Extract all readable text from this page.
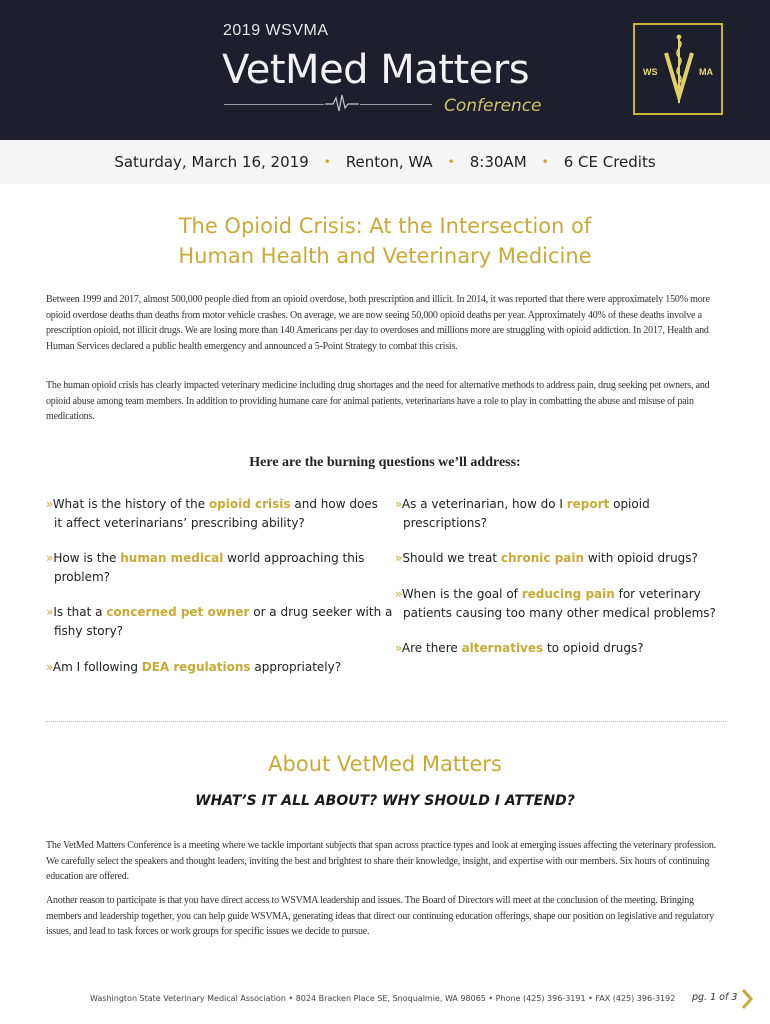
2019 WSVMA
VetMed Matters
Conference
WS	MA
Saturday, March 16, 2019 • Renton, WA • 8:30AM • 6 CE Credits
The Opioid Crisis: At the Intersection of
Human Health and Veterinary Medicine
Between 1999 and 2017, almost 500,000 people died from an opioid overdose, both prescription and illicit. In 2014, it was reported that there were approximately 150% more opioid overdose deaths than deaths from motor vehicle crashes. On average, we are now seeing 50,000 opioid deaths per year. Approximately 40% of these deaths involve a prescription opioid, not illicit drugs. We are losing more than 140 Americans per day to overdoses and millions more are struggling with opioid addiction. In 2017, Health and Human Services declared a public health emergency and announced a 5-Point Strategy to combat this crisis.
The human opioid crisis has clearly impacted veterinary medicine including drug shortages and the need for alternative methods to address pain, drug seeking pet owners, and opioid abuse among team members. In addition to providing humane care for animal patients, veterinarians have a role to play in combatting the abuse and misuse of pain medications.
Here are the burning questions we’ll address:
»What is the history of the opioid crisis and how does
it affect veterinarians’ prescribing ability?
»How is the human medical world approaching this
problem?
»Is that a concerned pet owner or a drug seeker with a
fishy story?
»Am I following DEA regulations appropriately?
»As a veterinarian, how do I report opioid
prescriptions?
»Should we treat chronic pain with opioid drugs?
»When is the goal of reducing pain for veterinary
patients causing too many other medical problems?
»Are there alternatives to opioid drugs?
About VetMed Matters
WHAT’S IT ALL ABOUT? WHY SHOULD I ATTEND?
The VetMed Matters Conference is a meeting where we tackle important subjects that span across practice types and look at emerging issues affecting the veterinary profession. We carefully select the speakers and thought leaders, inviting the best and brightest to share their knowledge, insight, and expertise with our members. Six hours of continuing education are offered.
Another reason to participate is that you have direct access to WSVMA leadership and issues. The Board of Directors will meet at the conclusion of the meeting. Bringing members and leadership together, you can help guide WSVMA, generating ideas that direct our continuing education offerings, shape our position on legislative and regulatory issues, and lead to task forces or work groups for specific issues we decide to pursue.
Washington State Veterinary Medical Association • 8024 Bracken Place SE, Snoqualmie, WA 98065 • Phone (425) 396-3191 • FAX (425) 396-3192 pg. 1 of 3
